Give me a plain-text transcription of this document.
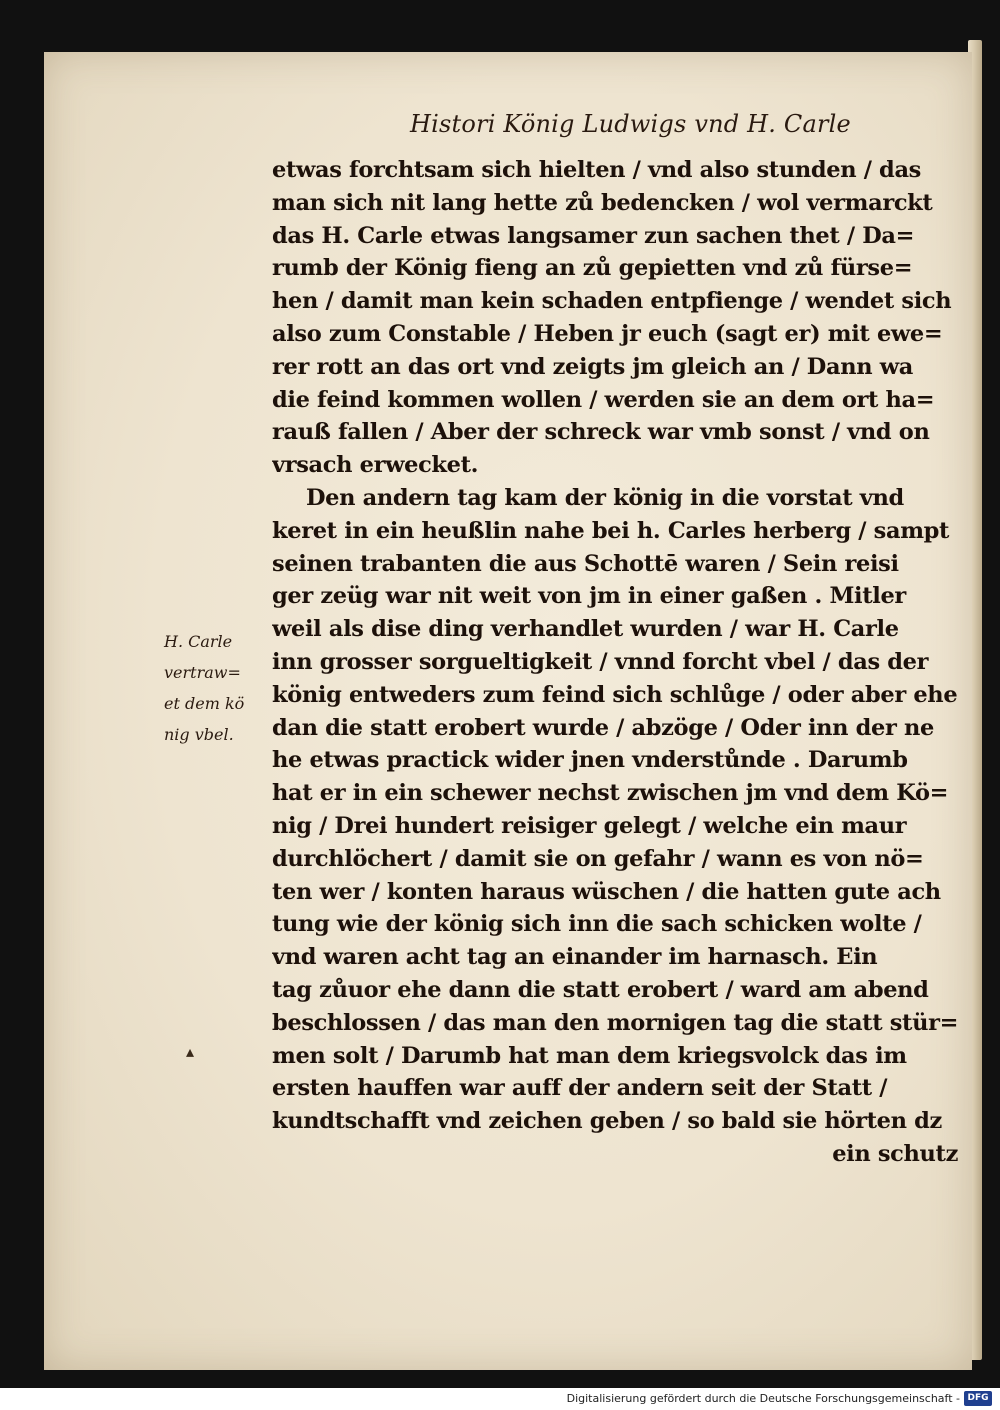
Histori König Ludwigs vnd H. Carle
H. Carle
vertraw=
et dem kö
nig vbel.
etwas forchtsam sich hielten / vnd also stunden / das
man sich nit lang hette zů bedencken / wol vermarckt
das H. Carle etwas langsamer zun sachen thet / Da=
rumb der König fieng an zů gepietten vnd zů fürse=
hen / damit man kein schaden entpfienge / wendet sich
also zum Constable / Heben jr euch (sagt er) mit ewe=
rer rott an das ort vnd zeigts jm gleich an / Dann wa
die feind kommen wollen / werden sie an dem ort ha=
rauß fallen / Aber der schreck war vmb sonst / vnd on
vrsach erwecket.
Den andern tag kam der könig in die vorstat vnd
keret in ein heußlin nahe bei h. Carles herberg / sampt
seinen trabanten die aus Schottē waren / Sein reisi
ger zeüg war nit weit von jm in einer gaßen . Mitler
weil als dise ding verhandlet wurden / war H. Carle
inn grosser sorgueltigkeit / vnnd forcht vbel / das der
könig entweders zum feind sich schlůge / oder aber ehe
dan die statt erobert wurde / abzöge / Oder inn der ne
he etwas practick wider jnen vnderstůnde . Darumb
hat er in ein schewer nechst zwischen jm vnd dem Kö=
nig / Drei hundert reisiger gelegt / welche ein maur
durchlöchert / damit sie on gefahr / wann es von nö=
ten wer / konten haraus wüschen / die hatten gute ach
tung wie der könig sich inn die sach schicken wolte /
vnd waren acht tag an einander im harnasch. Ein
tag zůuor ehe dann die statt erobert / ward am abend
beschlossen / das man den mornigen tag die statt stür=
men solt / Darumb hat man dem kriegsvolck das im
ersten hauffen war auff der andern seit der Statt /
kundtschafft vnd zeichen geben / so bald sie hörten dz
ein schutz
▴
Digitalisierung gefördert durch die Deutsche Forschungsgemeinschaft - DFG
